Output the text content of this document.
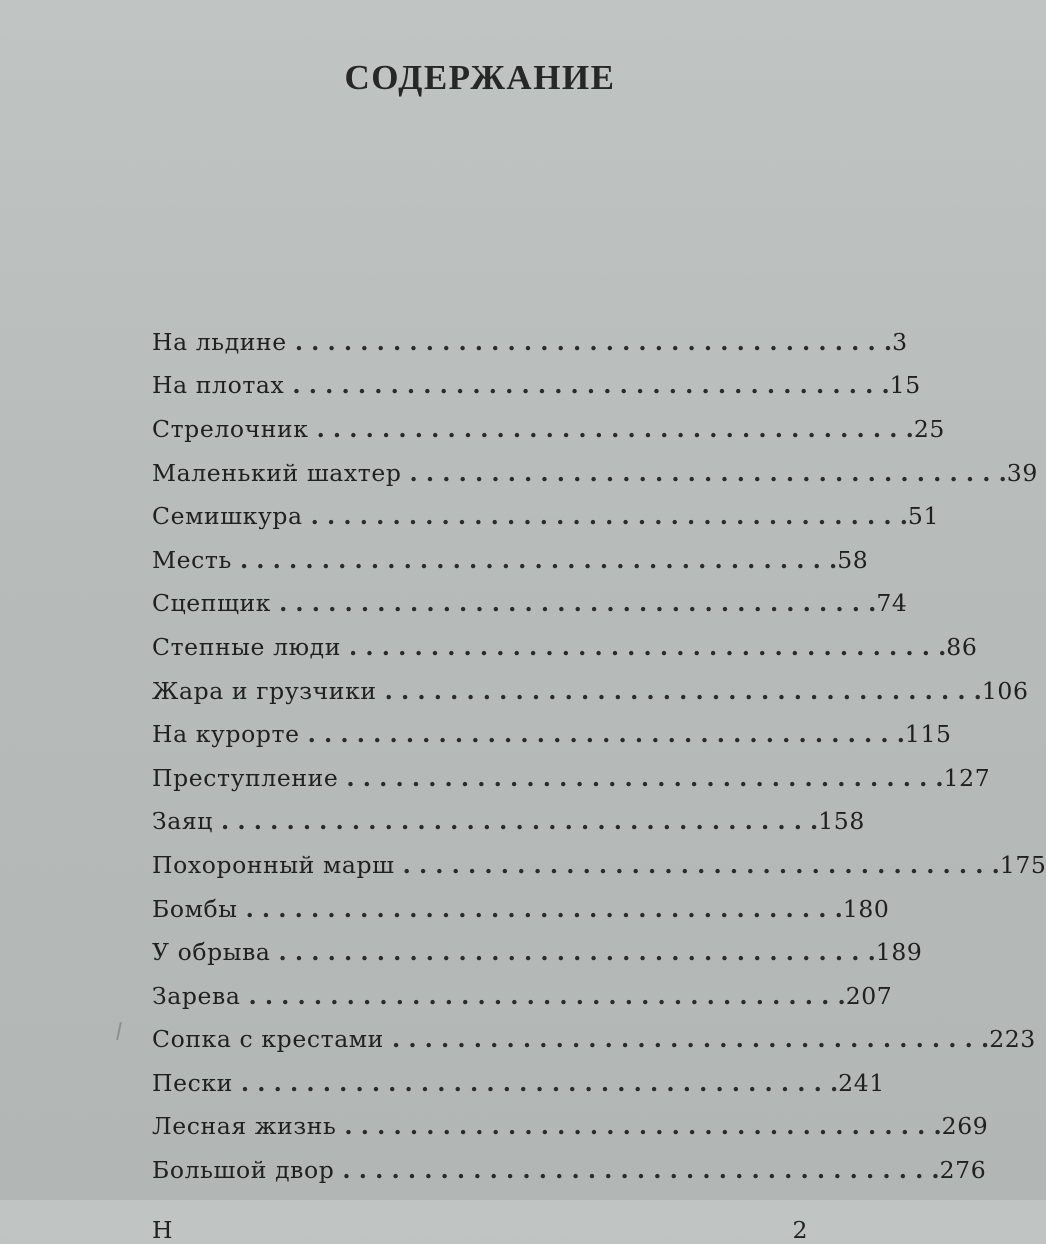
СОДЕРЖАНИЕ
На льдине . . . . . . . . . . . . . . . . . . . . . . . . . . . . . . . . . . . . . 3
На плотах . . . . . . . . . . . . . . . . . . . . . . . . . . . . . . . . . . . . . 15
Стрелочник . . . . . . . . . . . . . . . . . . . . . . . . . . . . . . . . . . . . . 25
Маленький шахтер . . . . . . . . . . . . . . . . . . . . . . . . . . . . . . . . . . . . . 39
Семишкура . . . . . . . . . . . . . . . . . . . . . . . . . . . . . . . . . . . . . 51
Месть . . . . . . . . . . . . . . . . . . . . . . . . . . . . . . . . . . . . . 58
Сцепщик . . . . . . . . . . . . . . . . . . . . . . . . . . . . . . . . . . . . . 74
Степные люди . . . . . . . . . . . . . . . . . . . . . . . . . . . . . . . . . . . . . 86
Жара и грузчики . . . . . . . . . . . . . . . . . . . . . . . . . . . . . . . . . . . . . 106
На курорте . . . . . . . . . . . . . . . . . . . . . . . . . . . . . . . . . . . . . 115
Преступление . . . . . . . . . . . . . . . . . . . . . . . . . . . . . . . . . . . . . 127
Заяц . . . . . . . . . . . . . . . . . . . . . . . . . . . . . . . . . . . . . 158
Похоронный марш . . . . . . . . . . . . . . . . . . . . . . . . . . . . . . . . . . . . . 175
Бомбы . . . . . . . . . . . . . . . . . . . . . . . . . . . . . . . . . . . . . 180
У обрыва . . . . . . . . . . . . . . . . . . . . . . . . . . . . . . . . . . . . . 189
Зарева . . . . . . . . . . . . . . . . . . . . . . . . . . . . . . . . . . . . . 207
Сопка с крестами . . . . . . . . . . . . . . . . . . . . . . . . . . . . . . . . . . . . . 223
Пески . . . . . . . . . . . . . . . . . . . . . . . . . . . . . . . . . . . . . 241
Лесная жизнь . . . . . . . . . . . . . . . . . . . . . . . . . . . . . . . . . . . . . 269
Большой двор . . . . . . . . . . . . . . . . . . . . . . . . . . . . . . . . . . . . . 276
Н	2
